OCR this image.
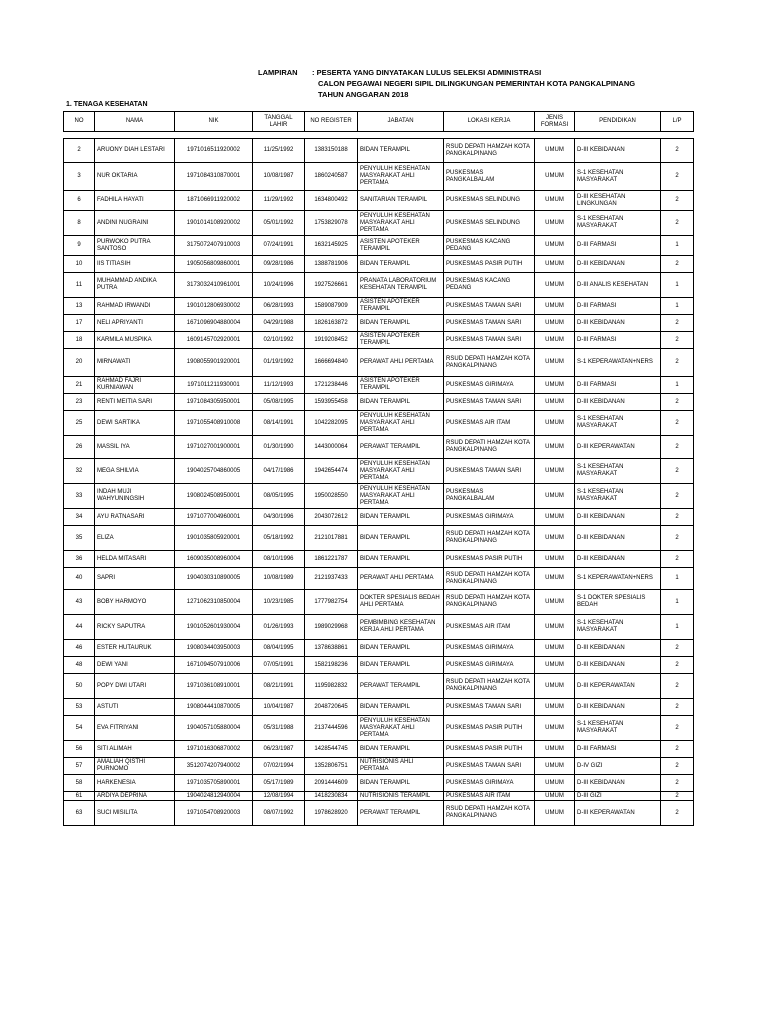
LAMPIRAN : PESERTA YANG DINYATAKAN LULUS SELEKSI ADMINISTRASI
CALON PEGAWAI NEGERI SIPIL DILINGKUNGAN PEMERINTAH KOTA PANGKALPINANG
TAHUN ANGGARAN 2018
1. TENAGA KESEHATAN
NO	NAMA	NIK	TANGGAL LAHIR	NO REGISTER	JABATAN	LOKASI KERJA	JENIS FORMASI	PENDIDIKAN	L/P

2	ARUONY DIAH LESTARI	1971016511920002	11/25/1992	1383150188	BIDAN TERAMPIL	RSUD DEPATI HAMZAH KOTA PANGKALPINANG	UMUM	D-III KEBIDANAN	2
3	NUR OKTARIA	1971084310870001	10/08/1987	1860240587	PENYULUH KESEHATAN MASYARAKAT AHLI PERTAMA	PUSKESMAS PANGKALBALAM	UMUM	S-1 KESEHATAN MASYARAKAT	2
6	FADHILA HAYATI	1871066911920002	11/29/1992	1634800492	SANITARIAN TERAMPIL	PUSKESMAS SELINDUNG	UMUM	D-III KESEHATAN LINGKUNGAN	2
8	ANDINI NUGRAINI	1901014108920002	05/01/1992	1753829078	PENYULUH KESEHATAN MASYARAKAT AHLI PERTAMA	PUSKESMAS SELINDUNG	UMUM	S-1 KESEHATAN MASYARAKAT	2
9	PURWOKO PUTRA SANTOSO	3175072407910003	07/24/1991	1632145925	ASISTEN APOTEKER TERAMPIL	PUSKESMAS KACANG PEDANG	UMUM	D-III FARMASI	1
10	IIS TITIASIH	1905056809860001	09/28/1986	1388781906	BIDAN TERAMPIL	PUSKESMAS PASIR PUTIH	UMUM	D-III KEBIDANAN	2
11	MUHAMMAD ANDIKA PUTRA	3173032410961001	10/24/1996	1927526661	PRANATA LABORATORIUM KESEHATAN TERAMPIL	PUSKESMAS KACANG PEDANG	UMUM	D-III ANALIS KESEHATAN	1
13	RAHMAD IRWANDI	1901012806930002	06/28/1993	1589087909	ASISTEN APOTEKER TERAMPIL	PUSKESMAS TAMAN SARI	UMUM	D-III FARMASI	1
17	NELI APRIYANTI	1671096904880004	04/29/1988	1826163872	BIDAN TERAMPIL	PUSKESMAS TAMAN SARI	UMUM	D-III KEBIDANAN	2
18	KARMILA MUSPIKA	1609145702920001	02/10/1992	1919208452	ASISTEN APOTEKER TERAMPIL	PUSKESMAS TAMAN SARI	UMUM	D-III FARMASI	2
20	MIRNAWATI	1908055901920001	01/19/1992	1666694840	PERAWAT AHLI PERTAMA	RSUD DEPATI HAMZAH KOTA PANGKALPINANG	UMUM	S-1 KEPERAWATAN+NERS	2
21	RAHMAD FAJRI KURNIAWAN	1971011211930001	11/12/1993	1721238446	ASISTEN APOTEKER TERAMPIL	PUSKESMAS GIRIMAYA	UMUM	D-III FARMASI	1
23	RENTI MEITIA SARI	1971084305950001	05/08/1995	1593955458	BIDAN TERAMPIL	PUSKESMAS TAMAN SARI	UMUM	D-III KEBIDANAN	2
25	DEWI SARTIKA	1971055408910008	08/14/1991	1042282095	PENYULUH KESEHATAN MASYARAKAT AHLI PERTAMA	PUSKESMAS AIR ITAM	UMUM	S-1 KESEHATAN MASYARAKAT	2
26	MASSIL IYA	1971027001900001	01/30/1990	1443000064	PERAWAT TERAMPIL	RSUD DEPATI HAMZAH KOTA PANGKALPINANG	UMUM	D-III KEPERAWATAN	2
32	MEGA SHILVIA	1904025704860005	04/17/1986	1942654474	PENYULUH KESEHATAN MASYARAKAT AHLI PERTAMA	PUSKESMAS TAMAN SARI	UMUM	S-1 KESEHATAN MASYARAKAT	2
33	INDAH MUJI WAHYUNINGSIH	1908024508950001	08/05/1995	1950028550	PENYULUH KESEHATAN MASYARAKAT AHLI PERTAMA	PUSKESMAS PANGKALBALAM	UMUM	S-1 KESEHATAN MASYARAKAT	2
34	AYU RATNASARI	1971077004960001	04/30/1996	2043072612	BIDAN TERAMPIL	PUSKESMAS GIRIMAYA	UMUM	D-III KEBIDANAN	2
35	ELIZA	1901035805920001	05/18/1992	2121017881	BIDAN TERAMPIL	RSUD DEPATI HAMZAH KOTA PANGKALPINANG	UMUM	D-III KEBIDANAN	2
36	HELDA MITASARI	1609035008960004	08/10/1996	1861221787	BIDAN TERAMPIL	PUSKESMAS PASIR PUTIH	UMUM	D-III KEBIDANAN	2
40	SAPRI	1904030310890005	10/08/1989	2121937433	PERAWAT AHLI PERTAMA	RSUD DEPATI HAMZAH KOTA PANGKALPINANG	UMUM	S-1 KEPERAWATAN+NERS	1
43	BOBY HARMOYO	1271062310850004	10/23/1985	1777982754	DOKTER SPESIALIS BEDAH AHLI PERTAMA	RSUD DEPATI HAMZAH KOTA PANGKALPINANG	UMUM	S-1 DOKTER SPESIALIS BEDAH	1
44	RICKY SAPUTRA	1901052601930004	01/26/1993	1989029968	PEMBIMBING KESEHATAN KERJA AHLI PERTAMA	PUSKESMAS AIR ITAM	UMUM	S-1 KESEHATAN MASYARAKAT	1
46	ESTER HUTAURUK	1908034403950003	08/04/1995	1378638861	BIDAN TERAMPIL	PUSKESMAS GIRIMAYA	UMUM	D-III KEBIDANAN	2
48	DEWI YANI	1671094507910006	07/05/1991	1582198236	BIDAN TERAMPIL	PUSKESMAS GIRIMAYA	UMUM	D-III KEBIDANAN	2
50	POPY DWI UTARI	1971036108910001	08/21/1991	1195982832	PERAWAT TERAMPIL	RSUD DEPATI HAMZAH KOTA PANGKALPINANG	UMUM	D-III KEPERAWATAN	2
53	ASTUTI	1908044410870005	10/04/1987	2048720645	BIDAN TERAMPIL	PUSKESMAS TAMAN SARI	UMUM	D-III KEBIDANAN	2
54	EVA FITRIYANI	1904057105880004	05/31/1988	2137444596	PENYULUH KESEHATAN MASYARAKAT AHLI PERTAMA	PUSKESMAS PASIR PUTIH	UMUM	S-1 KESEHATAN MASYARAKAT	2
56	SITI ALIMAH	1971016306870002	06/23/1987	1428544745	BIDAN TERAMPIL	PUSKESMAS PASIR PUTIH	UMUM	D-III FARMASI	2
57	AMALIAH QISTHI PURNOMO	3512074207940002	07/02/1994	1352806751	NUTRISIONIS AHLI PERTAMA	PUSKESMAS TAMAN SARI	UMUM	D-IV GIZI	2
58	HARKENESIA	1971035705890001	05/17/1989	2091444609	BIDAN TERAMPIL	PUSKESMAS GIRIMAYA	UMUM	D-III KEBIDANAN	2
61	ARDIYA DEPRINA	1904024812940004	12/08/1994	1418230834	NUTRISIONIS TERAMPIL	PUSKESMAS AIR ITAM	UMUM	D-III GIZI	2
63	SUCI MISILITA	1971054708920003	08/07/1992	1978628920	PERAWAT TERAMPIL	RSUD DEPATI HAMZAH KOTA PANGKALPINANG	UMUM	D-III KEPERAWATAN	2
